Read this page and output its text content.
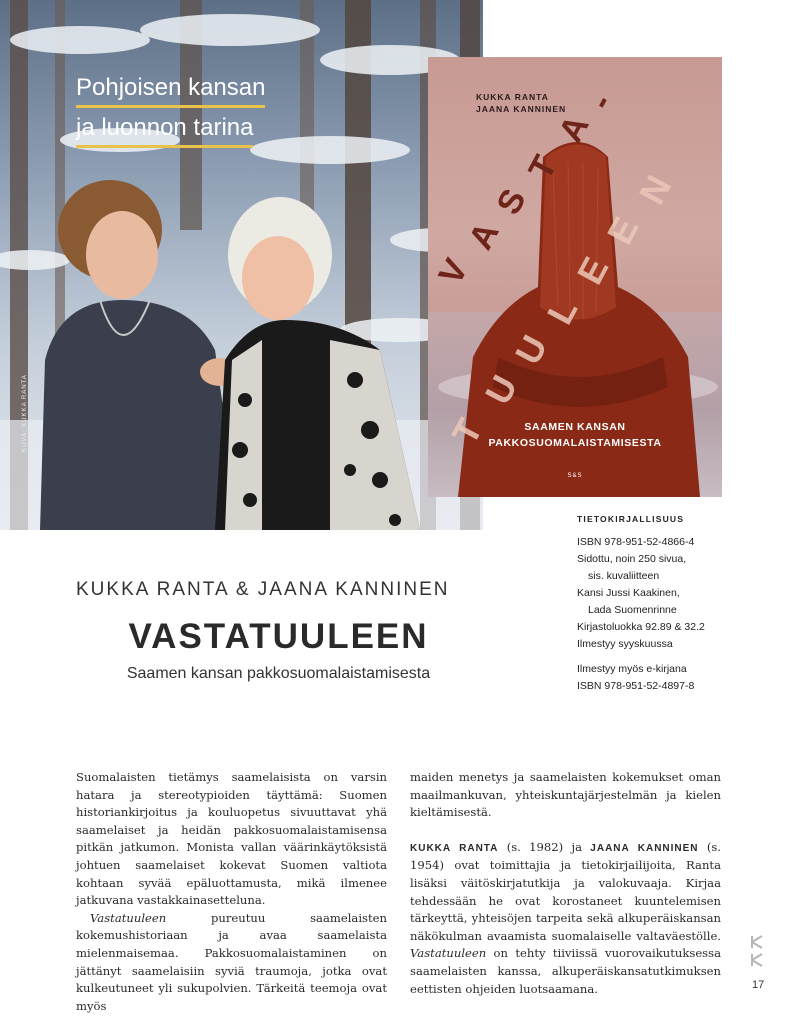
Pohjoisen kansan
ja luonnon tarina
KUVA: KUKKA RANTA
KUKKA RANTA
JAANA KANNINEN
V
A
S
T
A
-
T
U
U
L
E
E
N
SAAMEN KANSAN
PAKKOSUOMALAISTAMISESTA
S&S
TIETOKIRJALLISUUS
ISBN 978-951-52-4866-4
Sidottu, noin 250 sivua,
sis. kuvaliitteen
Kansi Jussi Kaakinen,
Lada Suomenrinne
Kirjastoluokka 92.89 & 32.2
Ilmestyy syyskuussa
Ilmestyy myös e-kirjana
ISBN 978-951-52-4897-8
KUKKA RANTA & JAANA KANNINEN
VASTATUULEEN
Saamen kansan pakkosuomalaistamisesta

Suomalaisten tietämys saamelaisista on varsin hatara ja stereotypioiden täyttämä: Suomen historiankirjoitus ja kouluopetus sivuuttavat yhä saamelaiset ja heidän pakkosuomalaistamisensa pitkän jatkumon. Monista vallan väärinkäytöksistä johtuen saamelaiset kokevat Suomen valtiota kohtaan syvää epäluottamusta, mikä ilmenee jatkuvana vastakkainasetteluna.

Vastatuuleen pureutuu saamelaisten kokemushistoriaan ja avaa saamelaista mielenmaisemaa. Pakkosuomalaistaminen on jättänyt saamelaisiin syviä traumoja, jotka ovat kulkeutuneet yli sukupolvien. Tärkeitä teemoja ovat myös

maiden menetys ja saamelaisten kokemukset oman maailmankuvan, yhteiskuntajärjestelmän ja kielen kieltämisestä.

KUKKA RANTA (s. 1982) ja JAANA KANNINEN (s. 1954) ovat toimittajia ja tietokirjailijoita, Ranta lisäksi väitöskirjatutkija ja valokuvaaja. Kirjaa tehdessään he ovat korostaneet kuuntelemisen tärkeyttä, yhteisöjen tarpeita sekä alkuperäiskansan näkökulman avaamista suomalaiselle valtaväestölle. Vastatuuleen on tehty tiiviissä vuorovaikutuksessa saamelaisten kanssa, alkuperäiskansatutkimuksen eettisten ohjeiden luotsaamana.	17
